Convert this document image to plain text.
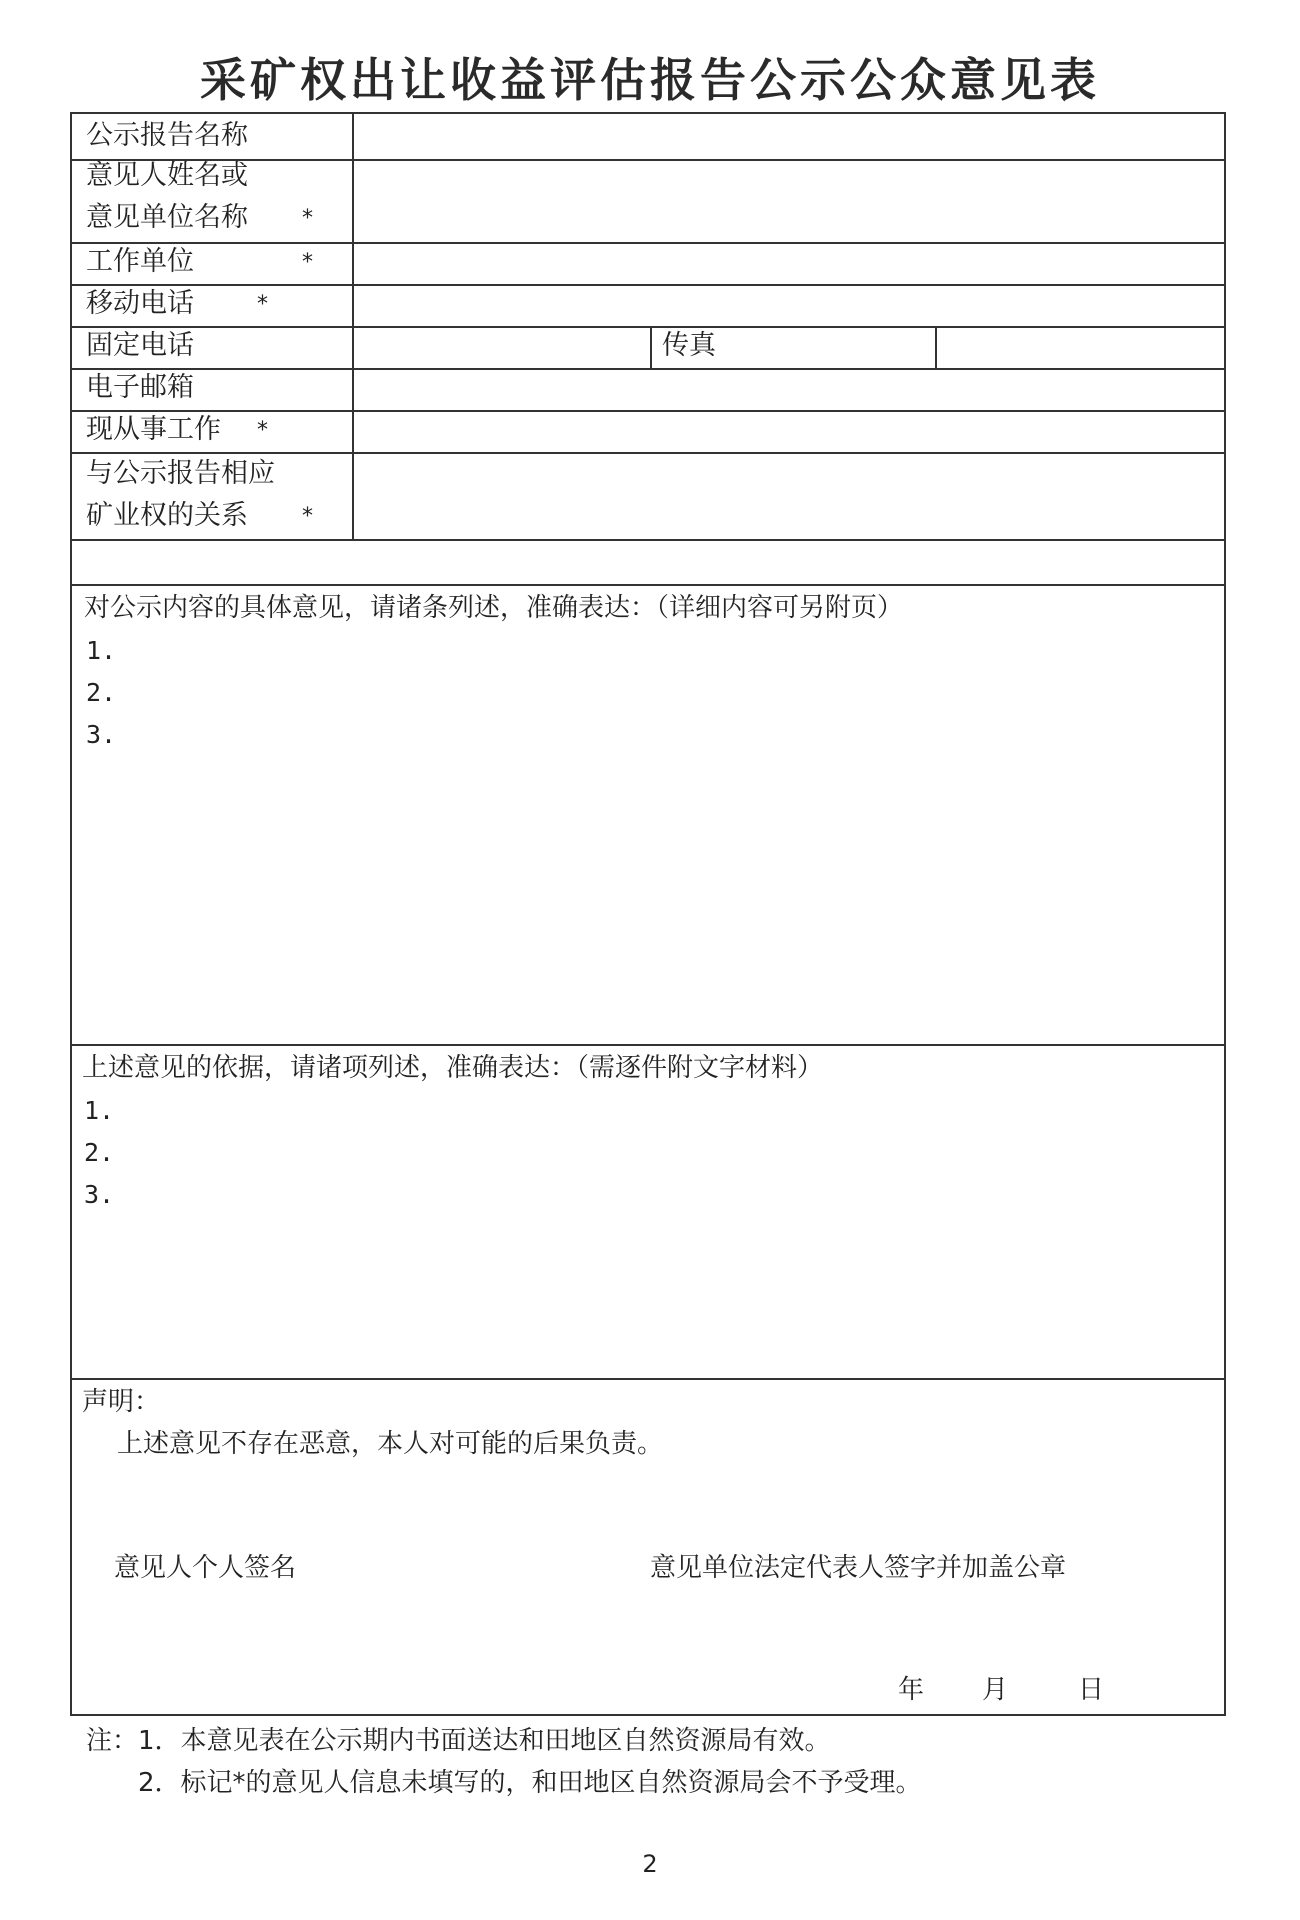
采矿权出让收益评估报告公示公众意见表
公示报告名称
意见人姓名或
意见单位名称 *
工作单位	*
移动电话	*
固定电话	传真
电子邮箱
现从事工作 *
与公示报告相应
矿业权的关系 *
对公示内容的具体意见，请诸条列述，准确表达：（详细内容可另附页）
1.
2.
3.
上述意见的依据，请诸项列述，准确表达：（需逐件附文字材料）
1.
2.
3.
声明：
上述意见不存在恶意，本人对可能的后果负责。
意见人个人签名	意见单位法定代表人签字并加盖公章
年 月	日
注：1．本意见表在公示期内书面送达和田地区自然资源局有效。
2．标记*的意见人信息未填写的，和田地区自然资源局会不予受理。
2
